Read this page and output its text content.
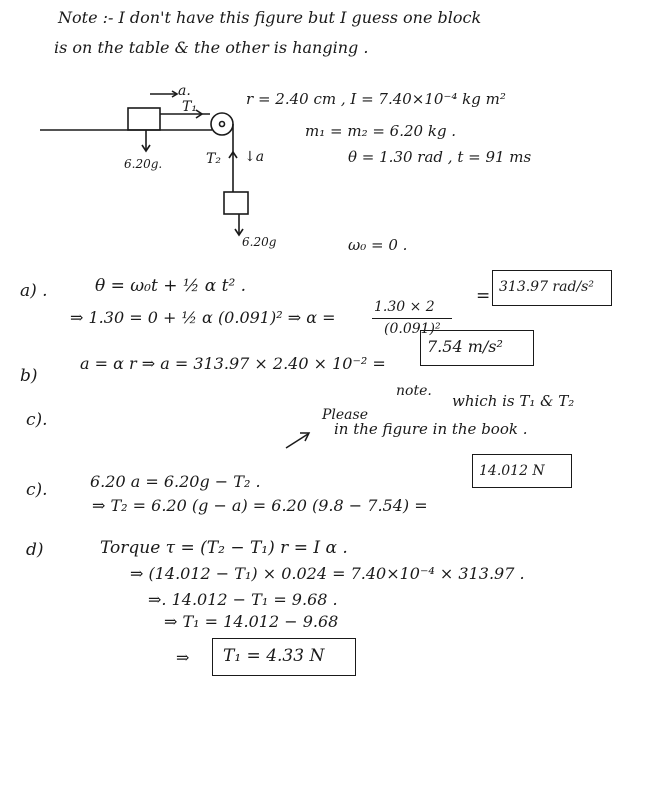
Note :- I don't have this figure but I guess one block
is on the table & the other is hanging .
a.
T₁
T₂ ↓a
6.20g.
6.20g
r = 2.40 cm , I = 7.40×10⁻⁴ kg m²
m₁ = m₂ = 6.20 kg .
θ = 1.30 rad , t = 91 ms
ω₀ = 0 .
a) .	θ = ω₀t + ½ α t² .
⇒ 1.30 = 0 + ½ α (0.091)² ⇒ α =
1.30 × 2
(0.091)²
= 313.97 rad/s²
b)
a = α r ⇒ a = 313.97 × 2.40 × 10⁻² =
7.54 m/s²
c).
note.
Please
which is T₁ & T₂
in the figure in the book .
c).	6.20 a = 6.20g − T₂ .
⇒ T₂ = 6.20 (g − a) = 6.20 (9.8 − 7.54) =
14.012 N
d)	Torque τ = (T₂ − T₁) r = I α .
⇒ (14.012 − T₁) × 0.024 = 7.40×10⁻⁴ × 313.97 .
⇒. 14.012 − T₁ = 9.68 .
⇒ T₁ = 14.012 − 9.68
⇒ T₁ = 4.33 N
